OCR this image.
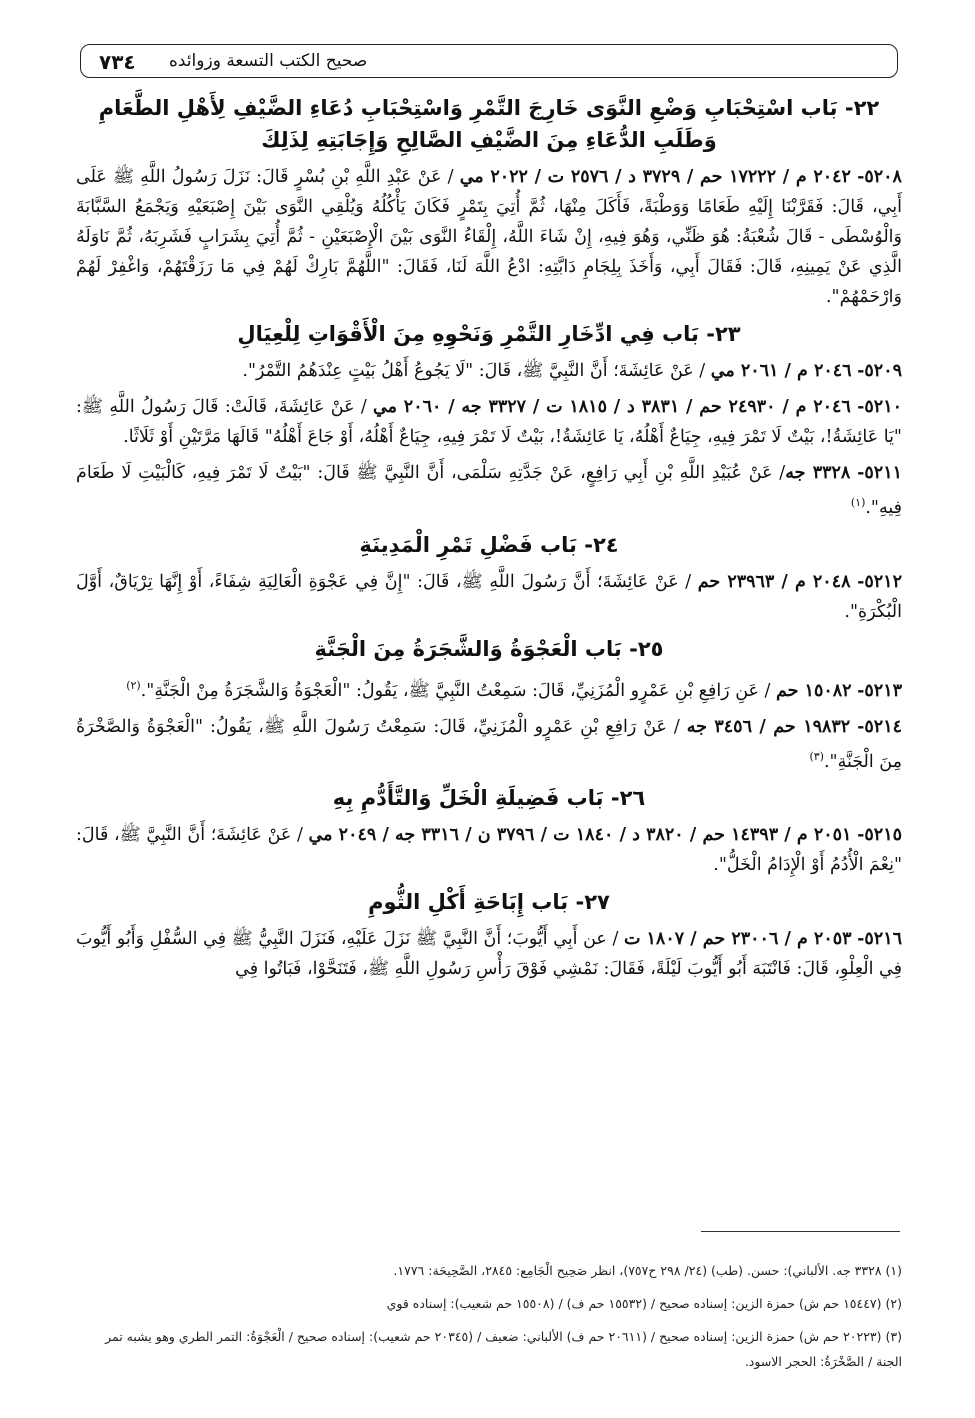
٧٣٤ صحيح الكتب التسعة وزوائده
٢٢- بَاب اسْتِحْبَابِ وَضْعِ النَّوَى خَارِجَ التَّمْرِ وَاسْتِحْبَابِ دُعَاءِ الضَّيْفِ لِأَهْلِ الطَّعَامِ وَطَلَبِ الدُّعَاءِ مِنَ الضَّيْفِ الصَّالِحِ وَإِجَابَتِهِ لِذَلِكَ

٥٢٠٨- ٢٠٤٢ م / ١٧٢٢٢ حم / ٣٧٢٩ د / ٢٥٧٦ ت / ٢٠٢٢ مي / عَنْ عَبْدِ اللَّهِ بْنِ بُسْرٍ قَالَ: نَزَلَ رَسُولُ اللَّهِ ﷺ عَلَى أَبِي، قَالَ: فَقَرَّبْنَا إِلَيْهِ طَعَامًا وَوَطْبَةً، فَأَكَلَ مِنْهَا، ثُمَّ أُتِيَ بِتَمْرٍ فَكَانَ يَأْكُلُهُ وَيُلْقِي النَّوَى بَيْنَ إِصْبَعَيْهِ وَيَجْمَعُ السَّبَّابَةَ وَالْوُسْطَى - قَالَ شُعْبَةُ: هُوَ ظَنِّي، وَهُوَ فِيهِ، إِنْ شَاءَ اللَّهُ، إِلْقَاءُ النَّوَى بَيْنَ الْإِصْبَعَيْنِ - ثُمَّ أُتِيَ بِشَرَابٍ فَشَرِبَهُ، ثُمَّ نَاوَلَهُ الَّذِي عَنْ يَمِينِهِ، قَالَ: فَقَالَ أَبِي، وَأَخَذَ بِلِجَامِ دَابَّتِهِ: ادْعُ اللَّهَ لَنَا، فَقَالَ: "اللَّهُمَّ بَارِكْ لَهُمْ فِي مَا رَزَقْتَهُمْ، وَاغْفِرْ لَهُمْ وَارْحَمْهُمْ".

٢٣- بَاب فِي ادِّخَارِ التَّمْرِ وَنَحْوِهِ مِنَ الْأَقْوَاتِ لِلْعِيَالِ

٥٢٠٩- ٢٠٤٦ م / ٢٠٦١ مي / عَنْ عَائِشَةَ؛ أَنَّ النَّبِيَّ ﷺ، قَالَ: "لَا يَجُوعُ أَهْلُ بَيْتٍ عِنْدَهُمُ التَّمْرُ".

٥٢١٠- ٢٠٤٦ م / ٢٤٩٣٠ حم / ٣٨٣١ د / ١٨١٥ ت / ٣٣٢٧ جه / ٢٠٦٠ مي / عَنْ عَائِشَةَ، قَالَتْ: قَالَ رَسُولُ اللَّهِ ﷺ: "يَا عَائِشَةُ!، بَيْتٌ لَا تَمْرَ فِيهِ، جِيَاعٌ أَهْلُهُ، يَا عَائِشَةُ!، بَيْتٌ لَا تَمْرَ فِيهِ، جِيَاعٌ أَهْلُهُ، أَوْ جَاعَ أَهْلُهُ" قَالَهَا مَرَّتَيْنِ أَوْ ثَلَاثًا.

٥٢١١- ٣٣٢٨ جه/ عَنْ عُبَيْدِ اللَّهِ بْنِ أَبِي رَافِعٍ، عَنْ جَدَّتِهِ سَلْمَى، أَنَّ النَّبِيَّ ﷺ قَالَ: "بَيْتٌ لَا تَمْرَ فِيهِ، كَالْبَيْتِ لَا طَعَامَ فِيهِ".$^{(١)}$

٢٤- بَاب فَضْلِ تَمْرِ الْمَدِينَةِ

٥٢١٢- ٢٠٤٨ م / ٢٣٩٦٣ حم / عَنْ عَائِشَةَ؛ أَنَّ رَسُولَ اللَّهِ ﷺ، قَالَ: "إِنَّ فِي عَجْوَةِ الْعَالِيَةِ شِفَاءً، أَوْ إِنَّهَا تِرْيَاقٌ، أَوَّلَ الْبُكْرَةِ".

٢٥- بَاب الْعَجْوَةُ وَالشَّجَرَةُ مِنَ الْجَنَّةِ

٥٢١٣- ١٥٠٨٢ حم / عَنِ رَافِعِ بْنِ عَمْرٍو الْمُزَنِيِّ، قَالَ: سَمِعْتُ النَّبِيَّ ﷺ، يَقُولُ: "الْعَجْوَةُ وَالشَّجَرَةُ مِنْ الْجَنَّةِ".$^{(٢)}$

٥٢١٤- ١٩٨٣٢ حم / ٣٤٥٦ جه / عَنْ رَافِعِ بْنِ عَمْرٍو الْمُزَنِيِّ، قَالَ: سَمِعْتُ رَسُولَ اللَّهِ ﷺ، يَقُولُ: "الْعَجْوَةُ وَالصَّخْرَةُ مِنَ الْجَنَّةِ".$^{(٣)}$

٢٦- بَاب فَضِيلَةِ الْخَلِّ وَالتَّأَدُّمِ بِهِ

٥٢١٥- ٢٠٥١ م / ١٤٣٩٣ حم / ٣٨٢٠ د / ١٨٤٠ ت / ٣٧٩٦ ن / ٣٣١٦ جه / ٢٠٤٩ مي / عَنْ عَائِشَةَ؛ أَنَّ النَّبِيَّ ﷺ، قَالَ: "نِعْمَ الْأُدُمُ أَوْ الْإِدَامُ الْخَلُّ".

٢٧- بَاب إِبَاحَةِ أَكْلِ الثُّومِ

٥٢١٦- ٢٠٥٣ م / ٢٣٠٠٦ حم / ١٨٠٧ ت / عن أَبِي أَيُّوبَ؛ أَنَّ النَّبِيَّ ﷺ نَزَلَ عَلَيْهِ، فَنَزَلَ النَّبِيُّ ﷺ فِي السُّفْلِ وَأَبُو أَيُّوبَ فِي الْعِلْوِ، قَالَ: فَانْتَبَهَ أَبُو أَيُّوبَ لَيْلَةً، فَقَالَ: نَمْشِي فَوْقَ رَأْسِ رَسُولِ اللَّهِ ﷺ، فَتَنَحَّوْا، فَبَاتُوا فِي

(١) ٣٣٢٨ جه. الألباني): حسن. (طب) (٢٤/ ٢٩٨ ح٧٥٧)، انظر صَحِيح الْجَامِع: ٢٨٤٥، الصَّحِيحَة: ١٧٧٦.

(٢) (١٥٤٤٧ حم ش) حمزة الزين: إسناده صحيح / (١٥٥٣٢ حم ف) / (١٥٥٠٨ حم شعيب): إسناده قوي

(٣) (٢٠٢٢٣ حم ش) حمزة الزين: إسناده صحيح / (٢٠٦١١ حم ف) الألباني: ضعيف / (٢٠٣٤٥ حم شعيب): إسناده صحيح / الْعَجْوَةُ: التمر الطري وهو يشبه تمر الجنة / الصَّخْرَةُ: الحجر الاسود.
